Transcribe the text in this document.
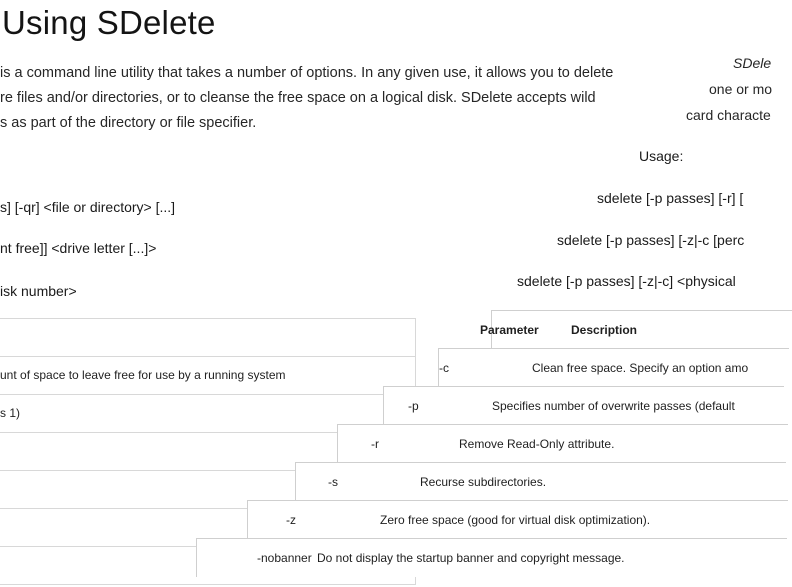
Using SDelete
is a command line utility that takes a number of options. In any given use, it allows you to delete
re files and/or directories, or to cleanse the free space on a logical disk. SDelete accepts wild
s as part of the directory or file specifier.
s] [-qr] <file or directory> [...]
nt free]] <drive letter [...]>
isk number>
unt of space to leave free for use by a running system
s 1)
SDele
one or mo
card characte
Usage:
sdelete [-p passes] [-r] [
sdelete [-p passes] [-z|-c [perc
sdelete [-p passes] [-z|-c] <physical
Parameter	Description
-c	Clean free space. Specify an option amo
-p	Specifies number of overwrite passes (default
-r	Remove Read-Only attribute.
-s	Recurse subdirectories.
-z	Zero free space (good for virtual disk optimization).
-nobanner Do not display the startup banner and copyright message.
